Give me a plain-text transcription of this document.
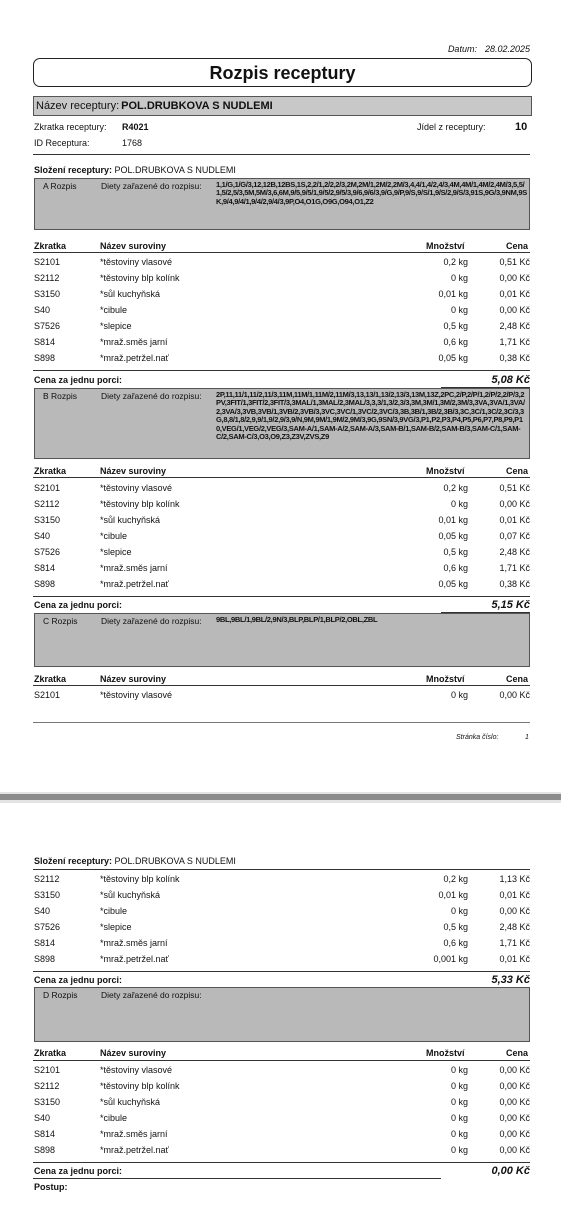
Datum: 28.02.2025
Rozpis receptury
Název receptury: POL.DRUBKOVA S NUDLEMI
Zkratka receptury: R4021	Jídel z receptury:	10
ID Receptura:	1768
Složení receptury: POL.DRUBKOVA S NUDLEMI
A Rozpis	Diety zařazené do rozpisu: 1,1/G,1/G/3,12,12B,12BS,1S,2,2/1,2/2,2/3,2M,2M/1,2M/2,2M/3,4,4/1,4/2,4/3,4M,4M/1,4M/2,4M/3,5,5/1,5/2,5/3,5M,5M/3,6,6M,9/5,9/5/1,9/5/2,9/5/3,9/6,9/6/3,9/G,9/P,9/S,9/S/1,9/S/2,9/S/3,91S,9G/3,9NM,9SK,9/4,9/4/1,9/4/2,9/4/3,9P,O4,O1G,O9G,O94,O1,Z2
Zkratka	Název suroviny	Množství	Cena
S2101	*těstoviny vlasové	0,2 kg	0,51 Kč
S2112	*těstoviny blp kolínk	0 kg	0,00 Kč
S3150	*sůl kuchyňská	0,01 kg	0,01 Kč
S40	*cibule	0 kg	0,00 Kč
S7526	*slepice	0,5 kg	2,48 Kč
S814	*mraž.směs jarní	0,6 kg	1,71 Kč
S898	*mraž.petržel.nať	0,05 kg	0,38 Kč
Cena za jednu porci:	5,08 Kč
B Rozpis	Diety zařazené do rozpisu: 2P,11,11/1,11/2,11/3,11M,11M/1,11M/2,11M/3,13,13/1,13/2,13/3,13M,13Z,2PC,2/P,2/P/1,2/P/2,2/P/3,2PV,3FIT/1,3FIT/2,3FIT/3,3MAL/1,3MAL/2,3MAL/3,3,3/1,3/2,3/3,3M,3M/1,3M/2,3M/3,3VA,3VA/1,3VA/2,3VA/3,3VB,3VB/1,3VB/2,3VB/3,3VC,3VC/1,3VC/2,3VC/3,3B,3B/1,3B/2,3B/3,3C,3C/1,3C/2,3C/3,3G,8,8/1,8/2,9,9/1,9/2,9/3,9/N,9M,9M/1,9M/2,9M/3,9G,9SN/3,9VG/3,P1,P2,P3,P4,P5,P6,P7,P8,P9,P10,VEG/1,VEG/2,VEG/3,SAM-A/1,SAM-A/2,SAM-A/3,SAM-B/1,SAM-B/2,SAM-B/3,SAM-C/1,SAM-C/2,SAM-C/3,O3,O9,Z3,Z3V,ZVS,Z9
Zkratka	Název suroviny	Množství	Cena
S2101	*těstoviny vlasové	0,2 kg	0,51 Kč
S2112	*těstoviny blp kolínk	0 kg	0,00 Kč
S3150	*sůl kuchyňská	0,01 kg	0,01 Kč
S40	*cibule	0,05 kg	0,07 Kč
S7526	*slepice	0,5 kg	2,48 Kč
S814	*mraž.směs jarní	0,6 kg	1,71 Kč
S898	*mraž.petržel.nať	0,05 kg	0,38 Kč
Cena za jednu porci:	5,15 Kč
C Rozpis	Diety zařazené do rozpisu: 9BL,9BL/1,9BL/2,9N/3,BLP,BLP/1,BLP/2,OBL,ZBL
Zkratka	Název suroviny	Množství	Cena
S2101	*těstoviny vlasové	0 kg	0,00 Kč
Stránka číslo:	1
Složení receptury: POL.DRUBKOVA S NUDLEMI
S2112	*těstoviny blp kolínk	0,2 kg	1,13 Kč
S3150	*sůl kuchyňská	0,01 kg	0,01 Kč
S40	*cibule	0 kg	0,00 Kč
S7526	*slepice	0,5 kg	2,48 Kč
S814	*mraž.směs jarní	0,6 kg	1,71 Kč
S898	*mraž.petržel.nať	0,001 kg	0,01 Kč
Cena za jednu porci:	5,33 Kč
D Rozpis	Diety zařazené do rozpisu:
Zkratka	Název suroviny	Množství	Cena
S2101	*těstoviny vlasové	0 kg	0,00 Kč
S2112	*těstoviny blp kolínk	0 kg	0,00 Kč
S3150	*sůl kuchyňská	0 kg	0,00 Kč
S40	*cibule	0 kg	0,00 Kč
S814	*mraž.směs jarní	0 kg	0,00 Kč
S898	*mraž.petržel.nať	0 kg	0,00 Kč
Cena za jednu porci:	0,00 Kč
Postup:
